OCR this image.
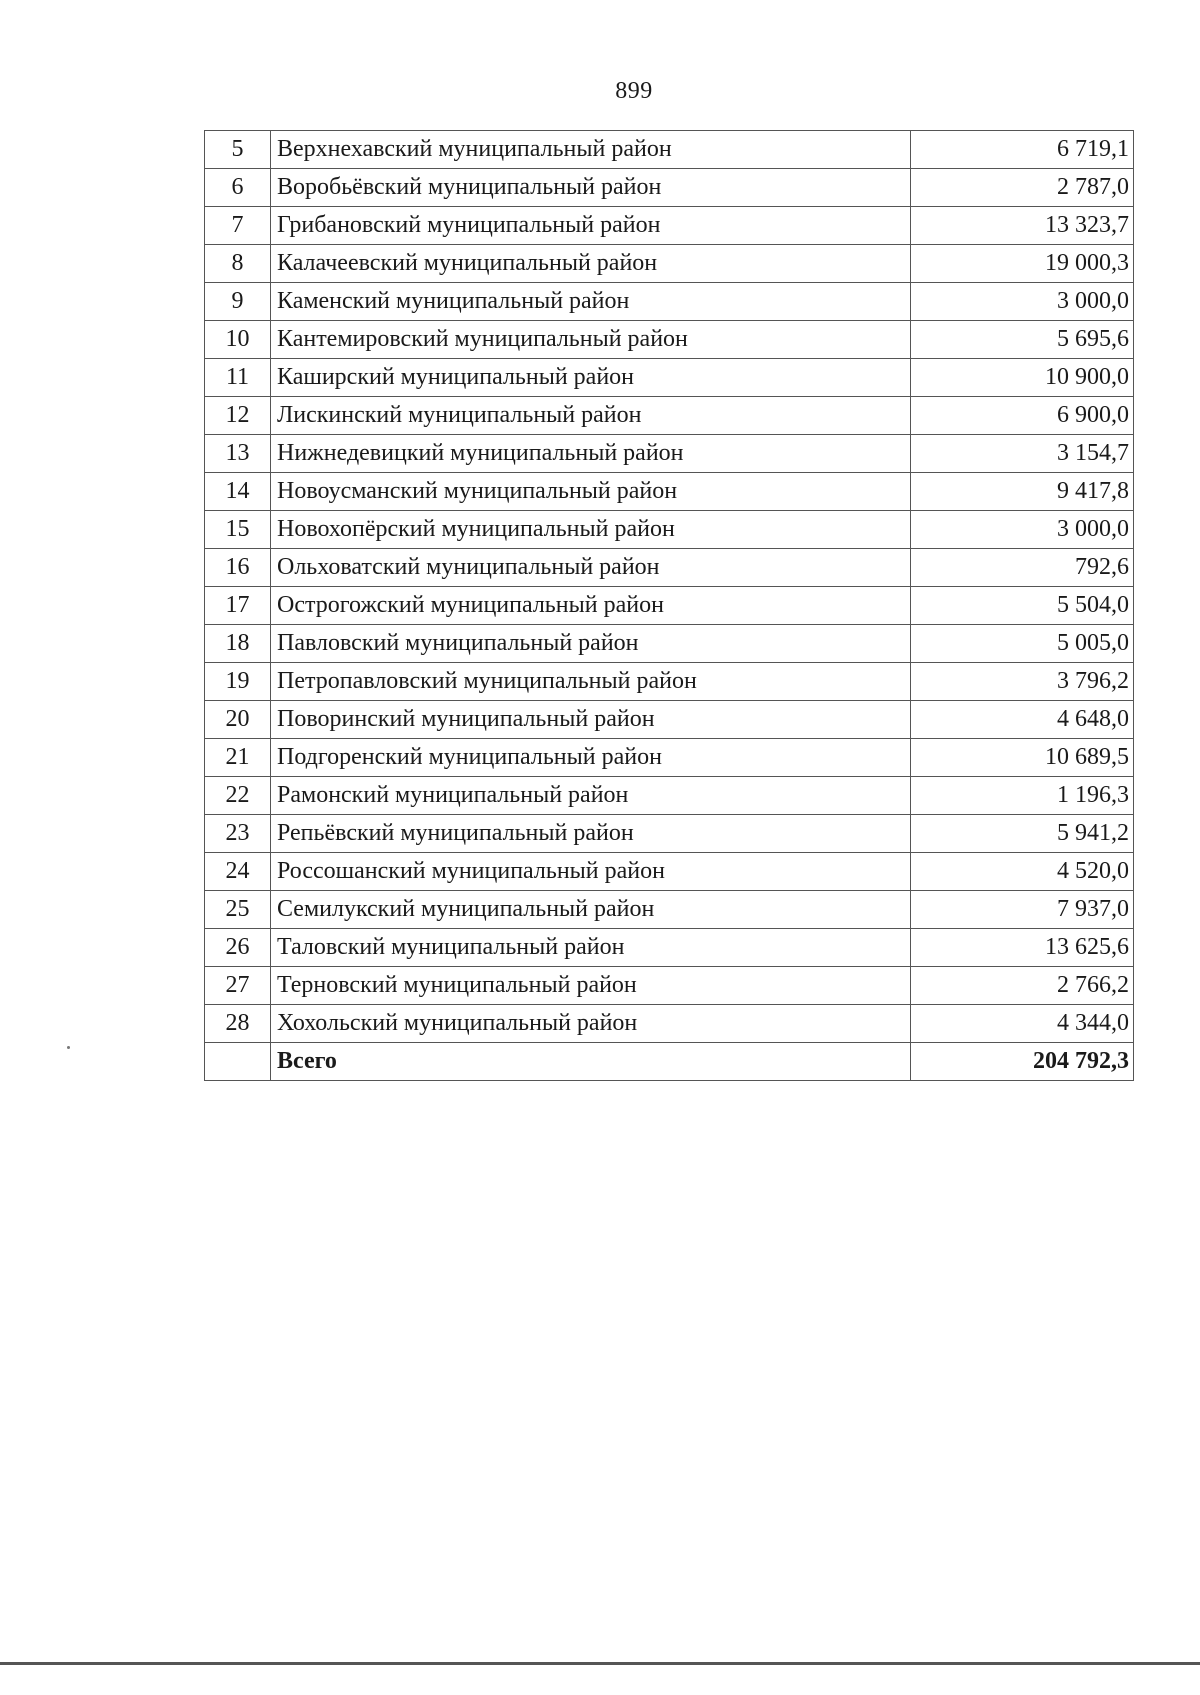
899
5	Верхнехавский муниципальный район	6 719,1
6	Воробьёвский муниципальный район	2 787,0
7	Грибановский муниципальный район	13 323,7
8	Калачеевский муниципальный район	19 000,3
9	Каменский муниципальный район	3 000,0
10	Кантемировский муниципальный район	5 695,6
11	Каширский муниципальный район	10 900,0
12	Лискинский муниципальный район	6 900,0
13	Нижнедевицкий муниципальный район	3 154,7
14	Новоусманский муниципальный район	9 417,8
15	Новохопёрский муниципальный район	3 000,0
16	Ольховатский муниципальный район	792,6
17	Острогожский муниципальный район	5 504,0
18	Павловский муниципальный район	5 005,0
19	Петропавловский муниципальный район	3 796,2
20	Поворинский муниципальный район	4 648,0
21	Подгоренский муниципальный район	10 689,5
22	Рамонский муниципальный район	1 196,3
23	Репьёвский муниципальный район	5 941,2
24	Россошанский муниципальный район	4 520,0
25	Семилукский муниципальный район	7 937,0
26	Таловский муниципальный район	13 625,6
27	Терновский муниципальный район	2 766,2
28	Хохольский муниципальный район	4 344,0
	Всего	204 792,3
